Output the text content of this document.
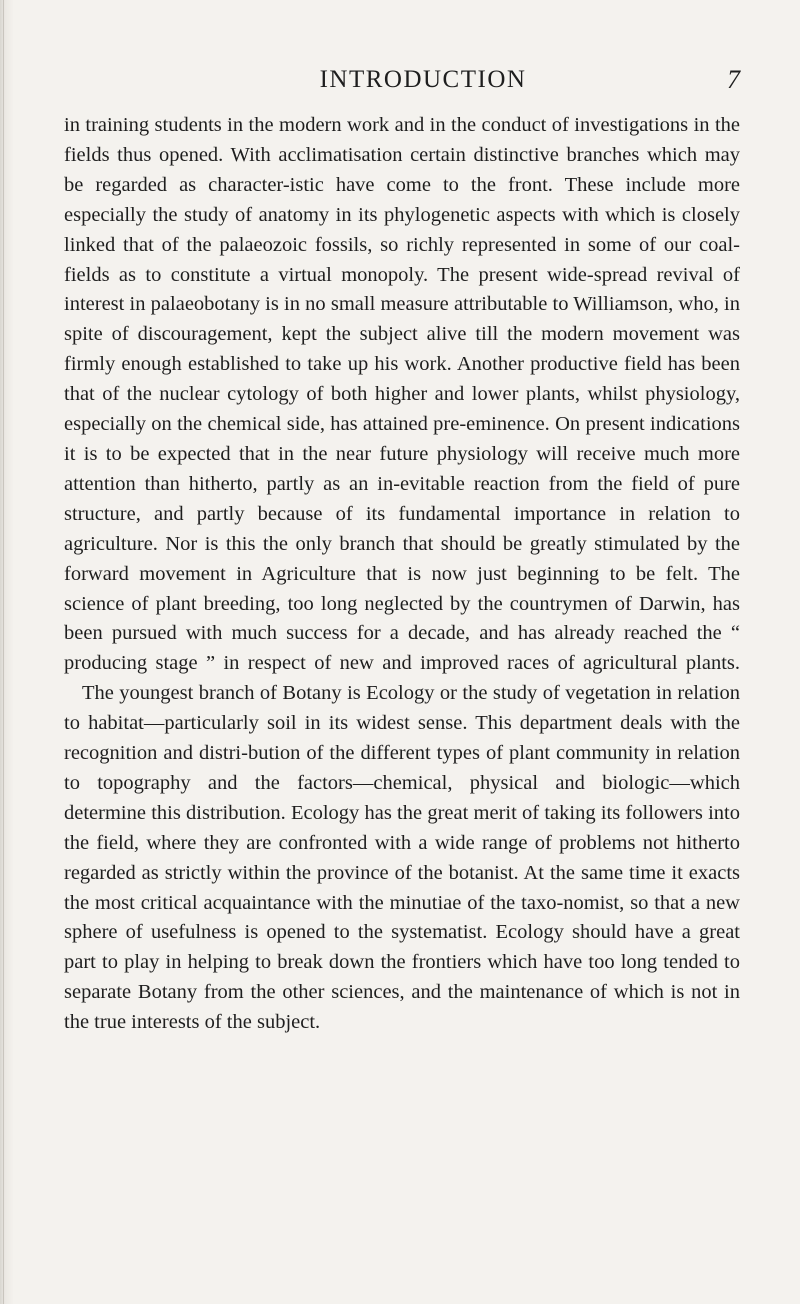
INTRODUCTION	7

in training students in the modern work and in the conduct of investigations in the fields thus opened. With acclimatisation certain distinctive branches which may be regarded as character-istic have come to the front. These include more especially the study of anatomy in its phylogenetic aspects with which is closely linked that of the palaeozoic fossils, so richly represented in some of our coal-fields as to constitute a virtual monopoly. The present wide-spread revival of interest in palaeobotany is in no small measure attributable to Williamson, who, in spite of discouragement, kept the subject alive till the modern movement was firmly enough established to take up his work. Another productive field has been that of the nuclear cytology of both higher and lower plants, whilst physiology, especially on the chemical side, has attained pre-eminence. On present indications it is to be expected that in the near future physiology will receive much more attention than hitherto, partly as an in-evitable reaction from the field of pure structure, and partly because of its fundamental importance in relation to agriculture. Nor is this the only branch that should be greatly stimulated by the forward movement in Agriculture that is now just beginning to be felt. The science of plant breeding, too long neglected by the countrymen of Darwin, has been pursued with much success for a decade, and has already reached the “ producing stage ” in respect of new and improved races of agricultural plants.

The youngest branch of Botany is Ecology or the study of vegetation in relation to habitat—particularly soil in its widest sense. This department deals with the recognition and distri-bution of the different types of plant community in relation to topography and the factors—chemical, physical and biologic—which determine this distribution. Ecology has the great merit of taking its followers into the field, where they are confronted with a wide range of problems not hitherto regarded as strictly within the province of the botanist. At the same time it exacts the most critical acquaintance with the minutiae of the taxo-nomist, so that a new sphere of usefulness is opened to the systematist. Ecology should have a great part to play in helping to break down the frontiers which have too long tended to separate Botany from the other sciences, and the maintenance of which is not in the true interests of the subject.
